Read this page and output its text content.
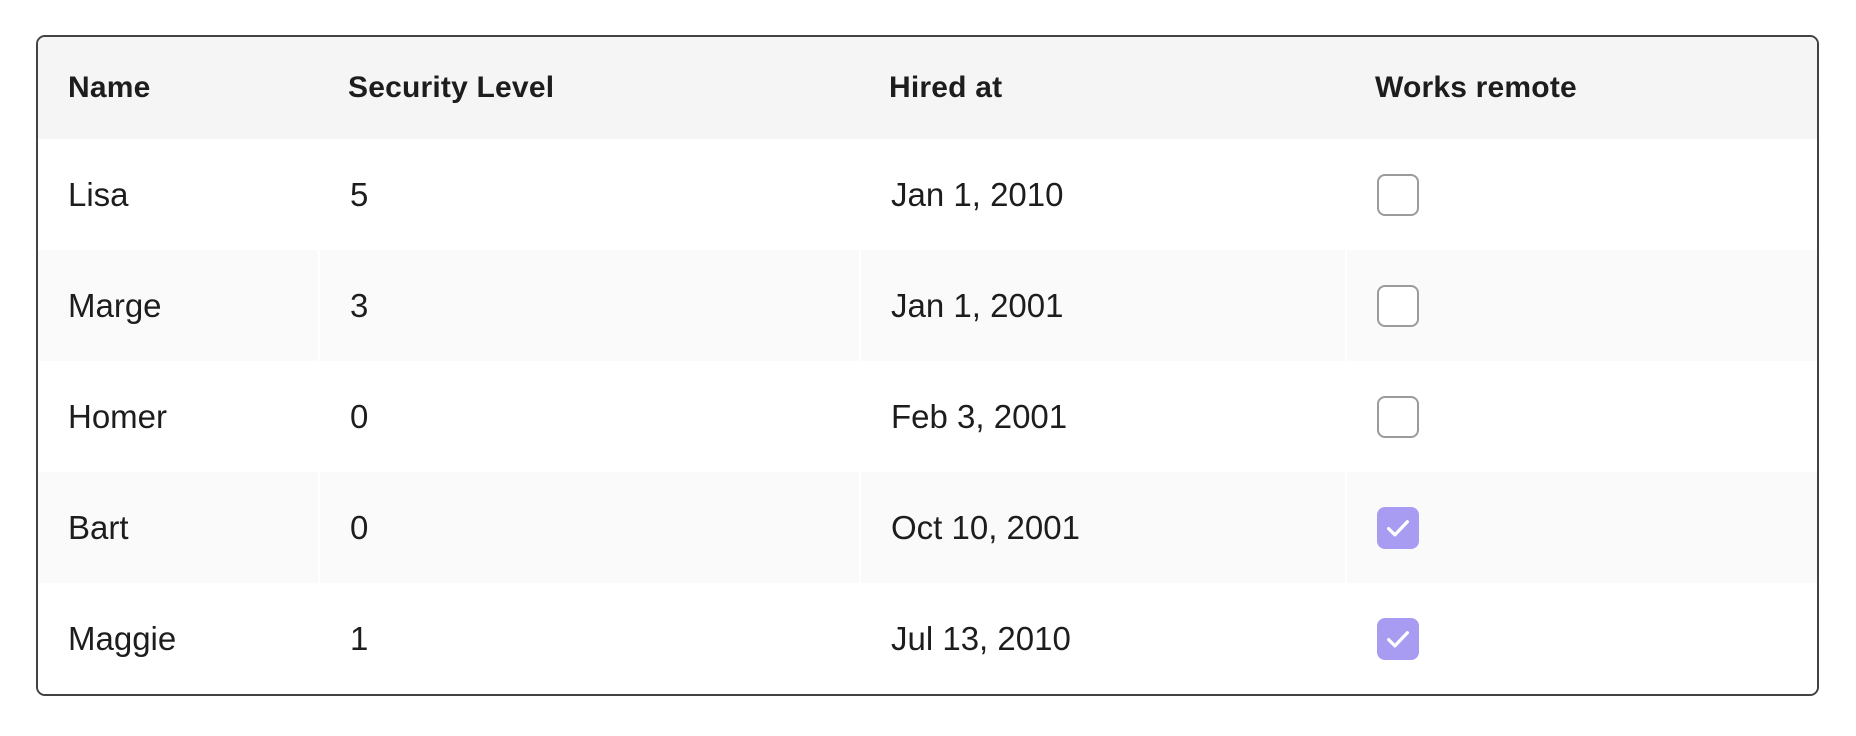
Name	Security Level	Hired at	Works remote
Lisa	5	Jan 1, 2010	

Marge	3	Jan 1, 2001	

Homer	0	Feb 3, 2001	

Bart	0	Oct 10, 2001	

Maggie	1	Jul 13, 2010	
